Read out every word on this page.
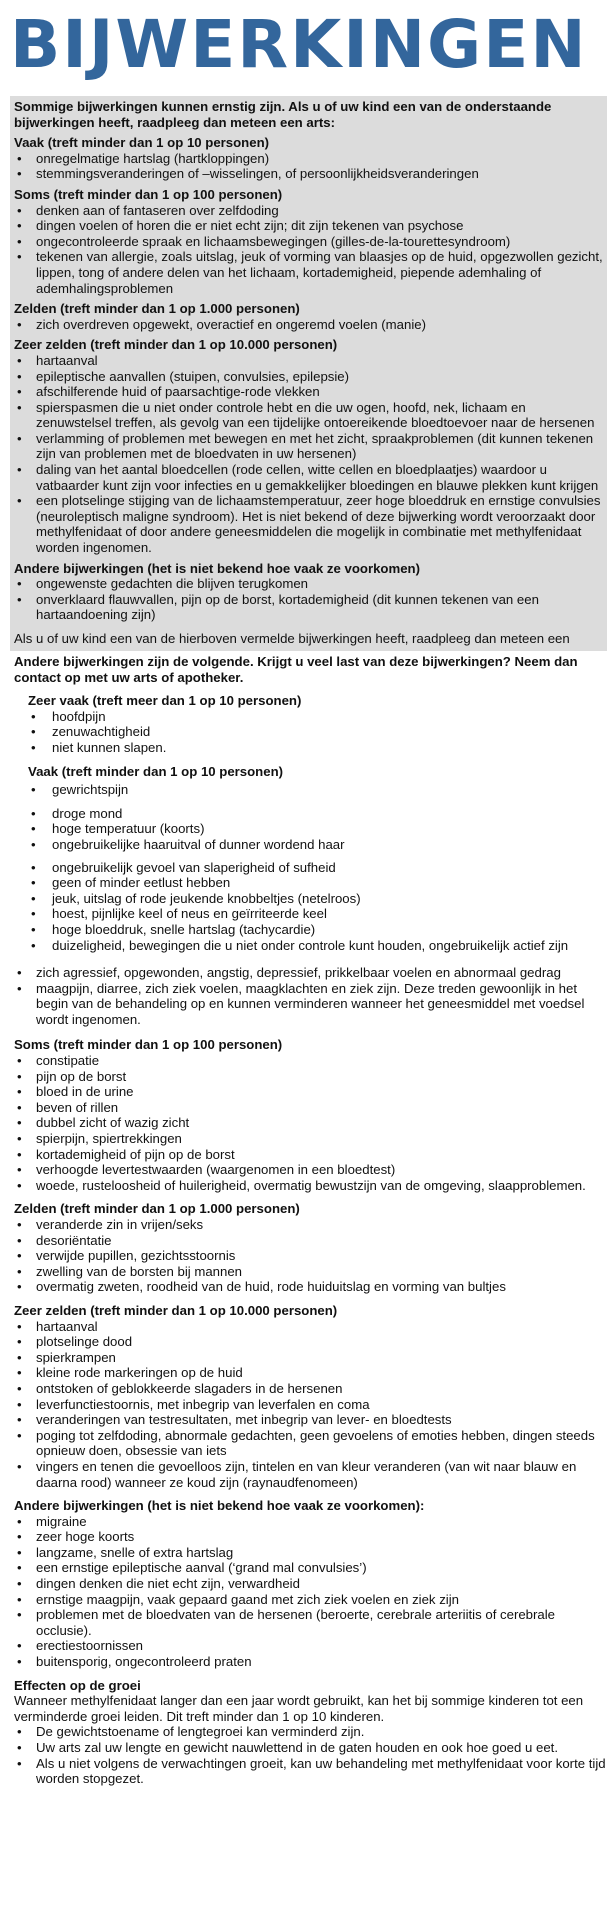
BIJWERKINGEN

Sommige bijwerkingen kunnen ernstig zijn. Als u of uw kind een van de onderstaande bijwerkingen heeft, raadpleeg dan meteen een arts:

Vaak (treft minder dan 1 op 10 personen)

• onregelmatige hartslag (hartkloppingen)
• stemmingsveranderingen of –wisselingen, of persoonlijkheidsveranderingen

Soms (treft minder dan 1 op 100 personen)

• denken aan of fantaseren over zelfdoding
• dingen voelen of horen die er niet echt zijn; dit zijn tekenen van psychose
• ongecontroleerde spraak en lichaamsbewegingen (gilles-de-la-tourettesyndroom)
• tekenen van allergie, zoals uitslag, jeuk of vorming van blaasjes op de huid, opgezwollen gezicht, lippen, tong of andere delen van het lichaam, kortademigheid, piepende ademhaling of ademhalingsproblemen

Zelden (treft minder dan 1 op 1.000 personen)

• zich overdreven opgewekt, overactief en ongeremd voelen (manie)

Zeer zelden (treft minder dan 1 op 10.000 personen)

• hartaanval
• epileptische aanvallen (stuipen, convulsies, epilepsie)
• afschilferende huid of paarsachtige-rode vlekken
• spierspasmen die u niet onder controle hebt en die uw ogen, hoofd, nek, lichaam en zenuwstelsel treffen, als gevolg van een tijdelijke ontoereikende bloedtoevoer naar de hersenen
• verlamming of problemen met bewegen en met het zicht, spraakproblemen (dit kunnen tekenen zijn van problemen met de bloedvaten in uw hersenen)
• daling van het aantal bloedcellen (rode cellen, witte cellen en bloedplaatjes) waardoor u vatbaarder kunt zijn voor infecties en u gemakkelijker bloedingen en blauwe plekken kunt krijgen
• een plotselinge stijging van de lichaamstemperatuur, zeer hoge bloeddruk en ernstige convulsies (neuroleptisch maligne syndroom). Het is niet bekend of deze bijwerking wordt veroorzaakt door methylfenidaat of door andere geneesmiddelen die mogelijk in combinatie met methylfenidaat worden ingenomen.

Andere bijwerkingen (het is niet bekend hoe vaak ze voorkomen)

• ongewenste gedachten die blijven terugkomen
• onverklaard flauwvallen, pijn op de borst, kortademigheid (dit kunnen tekenen van een hartaandoening zijn)

Als u of uw kind een van de hierboven vermelde bijwerkingen heeft, raadpleeg dan meteen een

Andere bijwerkingen zijn de volgende. Krijgt u veel last van deze bijwerkingen? Neem dan contact op met uw arts of apotheker.

Zeer vaak (treft meer dan 1 op 10 personen)

• hoofdpijn
• zenuwachtigheid
• niet kunnen slapen.

Vaak (treft minder dan 1 op 10 personen)

• gewrichtspijn
• droge mond
• hoge temperatuur (koorts)
• ongebruikelijke haaruitval of dunner wordend haar
• ongebruikelijk gevoel van slaperigheid of sufheid
• geen of minder eetlust hebben
• jeuk, uitslag of rode jeukende knobbeltjes (netelroos)
• hoest, pijnlijke keel of neus en geïrriteerde keel
• hoge bloeddruk, snelle hartslag (tachycardie)
• duizeligheid, bewegingen die u niet onder controle kunt houden, ongebruikelijk actief zijn
• zich agressief, opgewonden, angstig, depressief, prikkelbaar voelen en abnormaal gedrag
• maagpijn, diarree, zich ziek voelen, maagklachten en ziek zijn. Deze treden gewoonlijk in het begin van de behandeling op en kunnen verminderen wanneer het geneesmiddel met voedsel wordt ingenomen.

Soms (treft minder dan 1 op 100 personen)

• constipatie
• pijn op de borst
• bloed in de urine
• beven of rillen
• dubbel zicht of wazig zicht
• spierpijn, spiertrekkingen
• kortademigheid of pijn op de borst
• verhoogde levertestwaarden (waargenomen in een bloedtest)
• woede, rusteloosheid of huilerigheid, overmatig bewustzijn van de omgeving, slaapproblemen.

Zelden (treft minder dan 1 op 1.000 personen)

• veranderde zin in vrijen/seks
• desoriëntatie
• verwijde pupillen, gezichtsstoornis
• zwelling van de borsten bij mannen
• overmatig zweten, roodheid van de huid, rode huiduitslag en vorming van bultjes

Zeer zelden (treft minder dan 1 op 10.000 personen)

• hartaanval
• plotselinge dood
• spierkrampen
• kleine rode markeringen op de huid
• ontstoken of geblokkeerde slagaders in de hersenen
• leverfunctiestoornis, met inbegrip van leverfalen en coma
• veranderingen van testresultaten, met inbegrip van lever- en bloedtests
• poging tot zelfdoding, abnormale gedachten, geen gevoelens of emoties hebben, dingen steeds opnieuw doen, obsessie van iets
• vingers en tenen die gevoelloos zijn, tintelen en van kleur veranderen (van wit naar blauw en daarna rood) wanneer ze koud zijn (raynaudfenomeen)

Andere bijwerkingen (het is niet bekend hoe vaak ze voorkomen):

• migraine
• zeer hoge koorts
• langzame, snelle of extra hartslag
• een ernstige epileptische aanval (‘grand mal convulsies’)
• dingen denken die niet echt zijn, verwardheid
• ernstige maagpijn, vaak gepaard gaand met zich ziek voelen en ziek zijn
• problemen met de bloedvaten van de hersenen (beroerte, cerebrale arteriitis of cerebrale occlusie).
• erectiestoornissen
• buitensporig, ongecontroleerd praten

Effecten op de groei

Wanneer methylfenidaat langer dan een jaar wordt gebruikt, kan het bij sommige kinderen tot een verminderde groei leiden. Dit treft minder dan 1 op 10 kinderen.

• De gewichtstoename of lengtegroei kan verminderd zijn.
• Uw arts zal uw lengte en gewicht nauwlettend in de gaten houden en ook hoe goed u eet.
• Als u niet volgens de verwachtingen groeit, kan uw behandeling met methylfenidaat voor korte tijd worden stopgezet.
